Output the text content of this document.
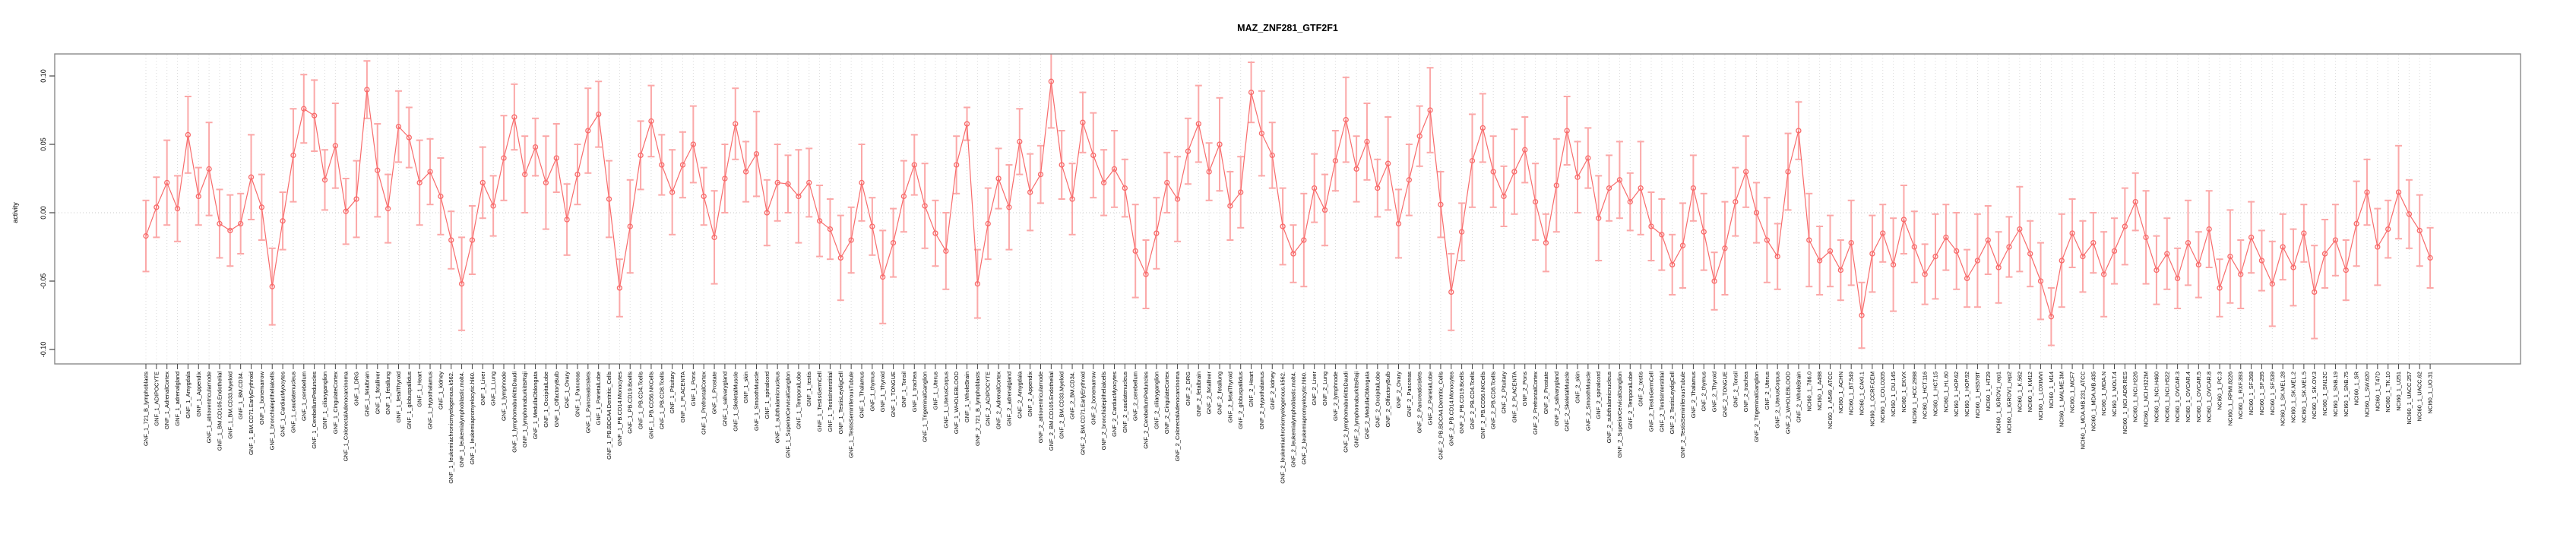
MAZ_ZNF281_GTF2F1
activity
0.10
0.05
0.00
-0.05
-0.10
GNF_1_721_B_lymphoblasts GNF_1_ADIPOCYTE GNF_1_AdrenalCortex GNF_1_adrenalgland GNF_1_Amygdala GNF_1_Appendix GNF_1_atrioventricularnode GNF_1_BM.CD105.Endothelial GNF_1_BM.CD33.Myeloid GNF_1_BM.CD34. GNF_1_BM.CD71.EarlyErythroid GNF_1_bonemarrow GNF_1_bronchialepithelialcells GNF_1_CardiacMyocytes GNF_1_caudatenucleus GNF_1_cerebellum GNF_1_CerebellumPeduncles GNF_1_ciliaryganglion GNF_1_CingulateCortex GNF_1_ColorectalAdenocarcinoma GNF_1_DRG GNF_1_fetalbrain GNF_1_fetalliver GNF_1_fetallung GNF_1_fetalThyroid GNF_1_globuspallidus GNF_1_Heart GNF_1_Hypothalamus GNF_1_kidney GNF_1_leukemiachronicmyelogenous.k562. GNF_1_leukemialymphoblastic.molt4. GNF_1_leukemiapromyelocytic.hl60. GNF_1_Liver GNF_1_Lung GNF_1_lymphnode GNF_1_lymphomaburkittsDaudi GNF_1_lymphomaburkittsRaji GNF_1_MedullaOblongata GNF_1_OccipitalLobe GNF_1_OlfactoryBulb GNF_1_Ovary GNF_1_Pancreas GNF_1_PancreaticIslets GNF_1_ParietalLobe GNF_1_PB.BDCA4.Dentritic_Cells GNF_1_PB.CD14.Monocytes GNF_1_PB.CD19.Bcells GNF_1_PB.CD4.Tcells GNF_1_PB.CD56.NKCells GNF_1_PB.CD8.Tcells GNF_1_Pituitary GNF_1_PLACENTA GNF_1_Pons GNF_1_PrefrontalCortex GNF_1_Prostate GNF_1_salivarygland GNF_1_SkeletalMuscle GNF_1_skin GNF_1_SmoothMuscle GNF_1_spinalcord GNF_1_subthalamicnucleus GNF_1_SuperiorCervicalGanglion GNF_1_TemporalLobe GNF_1_testis GNF_1_TestisGermCell GNF_1_TestisInterstitial GNF_1_TestisLeydigCell GNF_1_TestisSeminiferousTubule GNF_1_Thalamus GNF_1_thymus GNF_1_Thyroid GNF_1_TONGUE GNF_1_Tonsil GNF_1_trachea GNF_1_TrigeminalGanglion GNF_1_Uterus GNF_1_UterusCorpus GNF_1_WHOLEBLOOD GNF_1_WholeBrain GNF_2_721_B_lymphoblasts GNF_2_ADIPOCYTE GNF_2_AdrenalCortex GNF_2_adrenalgland GNF_2_Amygdala GNF_2_Appendix GNF_2_atrioventricularnode GNF_2_BM.CD105.Endothelial GNF_2_BM.CD33.Myeloid GNF_2_BM.CD34. GNF_2_BM.CD71.EarlyErythroid GNF_2_bonemarrow GNF_2_bronchialepithelialcells GNF_2_CardiacMyocytes GNF_2_caudatenucleus GNF_2_cerebellum GNF_2_CerebellumPeduncles GNF_2_ciliaryganglion GNF_2_CingulateCortex GNF_2_ColorectalAdenocarcinoma GNF_2_DRG GNF_2_fetalbrain GNF_2_fetalliver GNF_2_fetallung GNF_2_fetalThyroid GNF_2_globuspallidus GNF_2_Heart GNF_2_Hypothalamus GNF_2_kidney GNF_2_leukemiachronicmyelogenous.k562. GNF_2_leukemialymphoblastic.molt4. GNF_2_leukemiapromyelocytic.hl60. GNF_2_Liver GNF_2_Lung GNF_2_lymphnode GNF_2_lymphomaburkittsDaudi GNF_2_lymphomaburkittsRaji GNF_2_MedullaOblongata GNF_2_OccipitalLobe GNF_2_OlfactoryBulb GNF_2_Ovary GNF_2_Pancreas GNF_2_PancreaticIslets GNF_2_ParietalLobe GNF_2_PB.BDCA4.Dentritic_Cells GNF_2_PB.CD14.Monocytes GNF_2_PB.CD19.Bcells GNF_2_PB.CD4.Tcells GNF_2_PB.CD56.NKCells GNF_2_PB.CD8.Tcells GNF_2_Pituitary GNF_2_PLACENTA GNF_2_Pons GNF_2_PrefrontalCortex GNF_2_Prostate GNF_2_salivarygland GNF_2_SkeletalMuscle GNF_2_skin GNF_2_SmoothMuscle GNF_2_spinalcord GNF_2_subthalamicnucleus GNF_2_SuperiorCervicalGanglion GNF_2_TemporalLobe GNF_2_testis GNF_2_TestisGermCell GNF_2_TestisInterstitial GNF_2_TestisLeydigCell GNF_2_TestisSeminiferousTubule GNF_2_Thalamus GNF_2_thymus GNF_2_Thyroid GNF_2_TONGUE GNF_2_Tonsil GNF_2_trachea GNF_2_TrigeminalGanglion GNF_2_Uterus GNF_2_UterusCorpus GNF_2_WHOLEBLOOD GNF_2_WholeBrain NCI60_1_786.0 NCI60_1_A498 NCI60_1_A549_ATCC NCI60_1_ACHN NCI60_1_BT.549 NCI60_1_CAKI.1 NCI60_1_CCRF.CEM NCI60_1_COLO205 NCI60_1_DU.145 NCI60_1_EKVX NCI60_1_HCC.2998 NCI60_1_HCT.116 NCI60_1_HCT.15 NCI60_1_HL.60 NCI60_1_HOP.62 NCI60_1_HOP.92 NCI60_1_HS578T NCI60_1_HT29 NCI60_1_IGROV1_rep1 NCI60_1_IGROV1_rep2 NCI60_1_K.562 NCI60_1_KM12 NCI60_1_LOXIMVI NCI60_1_M14 NCI60_1_MALME.3M NCI60_1_MCF7 NCI60_1_MDA.MB.231_ATCC NCI60_1_MDA.MB.435 NCI60_1_MDA.N NCI60_1_MOLT.4 NCI60_1_NCI.ADR.RES NCI60_1_NCI.H226 NCI60_1_NCI.H322M NCI60_1_NCI.H460 NCI60_1_NCI.H522 NCI60_1_OVCAR.3 NCI60_1_OVCAR.4 NCI60_1_OVCAR.5 NCI60_1_OVCAR.8 NCI60_1_PC.3 NCI60_1_RPMI.8226 NCI60_1_RXF.393 NCI60_1_SF.268 NCI60_1_SF.295 NCI60_1_SF.539 NCI60_1_SK.MEL.28 NCI60_1_SK.MEL.2 NCI60_1_SK.MEL.5 NCI60_1_SK.OV.3 NCI60_1_SN12C NCI60_1_SNB.19 NCI60_1_SNB.75 NCI60_1_SR NCI60_1_SW.620 NCI60_1_T47D NCI60_1_TK.10 NCI60_1_U251 NCI60_1_UACC.257 NCI60_1_UACC.62 NCI60_1_UO.31
